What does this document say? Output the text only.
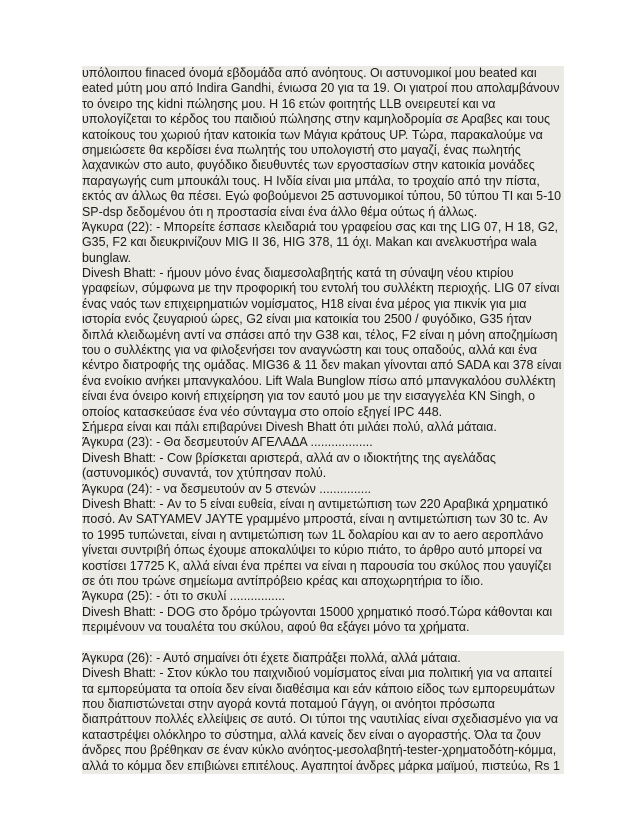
υπόλοιπου finaced όνομά εβδομάδα από ανόητους. Οι αστυνομικοί μου beated και
eated μύτη μου από Indira Gandhi, ένιωσα 20 για τα 19. Οι γιατροί που απολαμβάνουν
το όνειρο της kidni πώλησης μου. Η 16 ετών φοιτητής LLB ονειρευτεί και να
υπολογίζεται το κέρδος του παιδιού πώλησης στην καμηλοδρομία σε Αραβες και τους
κατοίκους του χωριού ήταν κατοικία των Μάγια κράτους UP. Τώρα, παρακαλούμε να
σημειώσετε θα κερδίσει ένα πωλητής του υπολογιστή στο μαγαζί, ένας πωλητής
λαχανικών στο auto, φυγόδικο διευθυντές των εργοστασίων στην κατοικία μονάδες
παραγωγής cum μπουκάλι τους. Η Ινδία είναι μια μπάλα, το τροχαίο από την πίστα,
εκτός αν άλλως θα πέσει. Εγώ φοβούμενοι 25 αστυνομικοί τύπου, 50 τύπου TI και 5-10
SP-dsp δεδομένου ότι η προστασία είναι ένα άλλο θέμα ούτως ή άλλως.
Άγκυρα (22): - Μπορείτε έσπασε κλειδαριά του γραφείου σας και της LIG 07, H 18, G2,
G35, F2 και διευκρινίζουν MIG II 36, HIG 378, 11 όχι. Makan και ανελκυστήρα wala
bunglaw.
Divesh Bhatt: - ήμουν μόνο ένας διαμεσολαβητής κατά τη σύναψη νέου κτιρίου
γραφείων, σύμφωνα με την προφορική του εντολή του συλλέκτη περιοχής. LIG 07 είναι
ένας ναός των επιχειρηματιών νομίσματος, H18 είναι ένα μέρος για πικνίκ για μια
ιστορία ενός ζευγαριού ώρες, G2 είναι μια κατοικία του 2500 / φυγόδικο, G35 ήταν
διπλά κλειδωμένη αντί να σπάσει από την G38 και, τέλος, F2 είναι η μόνη αποζημίωση
του ο συλλέκτης για να φιλοξενήσει τον αναγνώστη και τους οπαδούς, αλλά και ένα
κέντρο διατροφής της ομάδας. MIG36 & 11 δεν makan γίνονται από SADA και 378 είναι
ένα ενοίκιο ανήκει μπανγκαλόου. Lift Wala Bunglow πίσω από μπανγκαλόου συλλέκτη
είναι ένα όνειρο κοινή επιχείρηση για τον εαυτό μου με την εισαγγελέα KN Singh, ο
οποίος κατασκεύασε ένα νέο σύνταγμα στο οποίο εξηγεί IPC 448.
Σήμερα είναι και πάλι επιβαρύνει Divesh Bhatt ότι μιλάει πολύ, αλλά μάταια.
Άγκυρα (23): - Θα δεσμευτούν ΑΓΕΛΑΔΑ ..................
Divesh Bhatt: - Cow βρίσκεται αριστερά, αλλά αν ο ιδιοκτήτης της αγελάδας
(αστυνομικός) συναντά, τον χτύπησαν πολύ.
Άγκυρα (24): - να δεσμευτούν αν 5 στενών ...............
Divesh Bhatt: - Αν το 5 είναι ευθεία, είναι η αντιμετώπιση των 220 Αραβικά χρηματικό
ποσό. Αν SATYAMEV JAYTE γραμμένο μπροστά, είναι η αντιμετώπιση των 30 tc. Αν
το 1995 τυπώνεται, είναι η αντιμετώπιση των 1L δολαρίου και αν το aero αεροπλάνο
γίνεται συντριβή όπως έχουμε αποκαλύψει το κύριο πιάτο, το άρθρο αυτό μπορεί να
κοστίσει 17725 K, αλλά είναι ένα πρέπει να είναι η παρουσία του σκύλος που γαυγίζει
σε ότι που τρώνε σημείωμα αντίπρόβειο κρέας και αποχωρητήρια το ίδιο.
Άγκυρα (25): - ότι το σκυλί ................
Divesh Bhatt: - DOG στο δρόμο τρώγονται 15000 χρηματικό ποσό.Τώρα κάθονται και
περιμένουν να τουαλέτα του σκύλου, αφού θα εξάγει μόνο τα χρήματα.
Άγκυρα (26): - Αυτό σημαίνει ότι έχετε διαπράξει πολλά, αλλά μάταια.
Divesh Bhatt: - Στον κύκλο του παιχνιδιού νομίσματος είναι μια πολιτική για να απαιτεί
τα εμπορεύματα τα οποία δεν είναι διαθέσιμα και εάν κάποιο είδος των εμπορευμάτων
που διαπιστώνεται στην αγορά κοντά ποταμού Γάγγη, οι ανόητοι πρόσωπα
διαπράττουν πολλές ελλείψεις σε αυτό. Οι τύποι της ναυτιλίας είναι σχεδιασμένο για να
καταστρέψει ολόκληρο το σύστημα, αλλά κανείς δεν είναι ο αγοραστής. Όλα τα ζουν
άνδρες που βρέθηκαν σε έναν κύκλο ανόητος-μεσολαβητή-tester-χρηματοδότη-κόμμα,
αλλά το κόμμα δεν επιβιώνει επιτέλους. Αγαπητοί άνδρες μάρκα μαϊμού, πιστεύω, Rs 1
